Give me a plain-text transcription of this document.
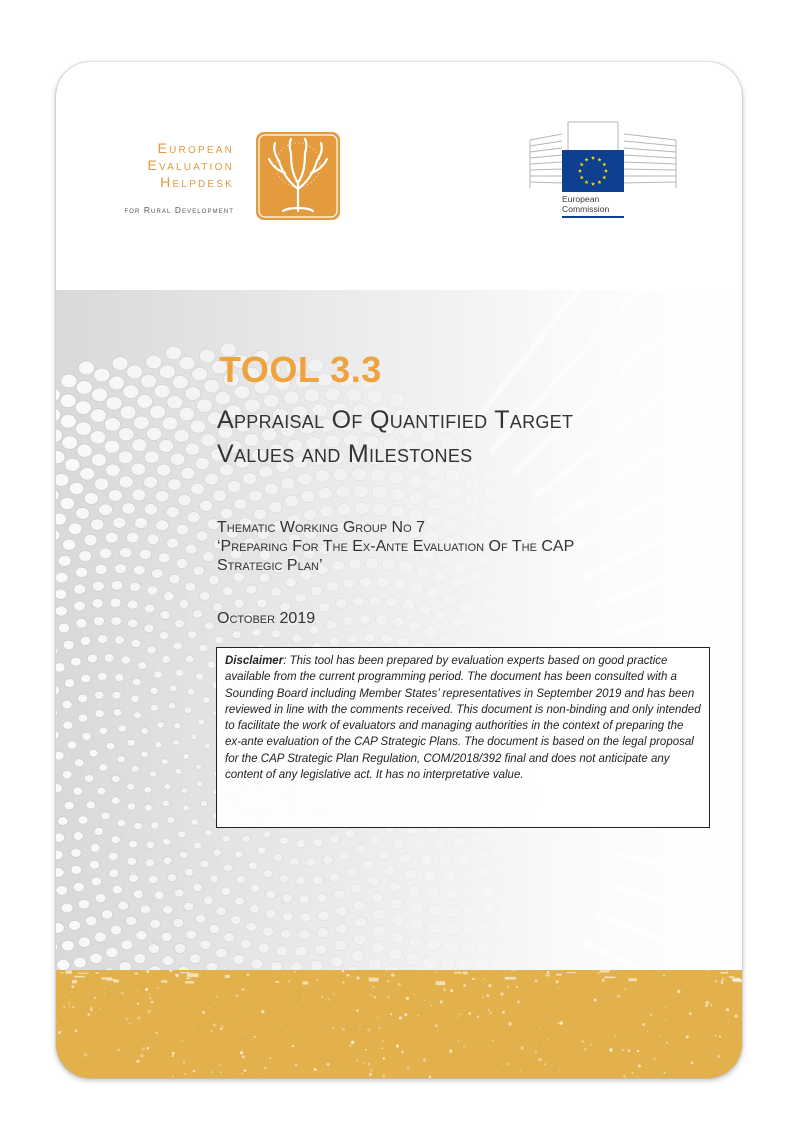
European
Evaluation
Helpdesk
for Rural Development
European
Commission
TOOL 3.3
Appraisal Of Quantified Target
Values and Milestones
Thematic Working Group No 7
‘Preparing For The Ex-Ante Evaluation Of The CAP
Strategic Plan’
October 2019
Disclaimer: This tool has been prepared by evaluation experts based on good practice available from the current programming period. The document has been consulted with a Sounding Board including Member States’ representatives in September 2019 and has been reviewed in line with the comments received. This document is non-binding and only intended to facilitate the work of evaluators and managing authorities in the context of preparing the ex-ante evaluation of the CAP Strategic Plans. The document is based on the legal proposal for the CAP Strategic Plan Regulation, COM/2018/392 final and does not anticipate any content of any legislative act. It has no interpretative value.
